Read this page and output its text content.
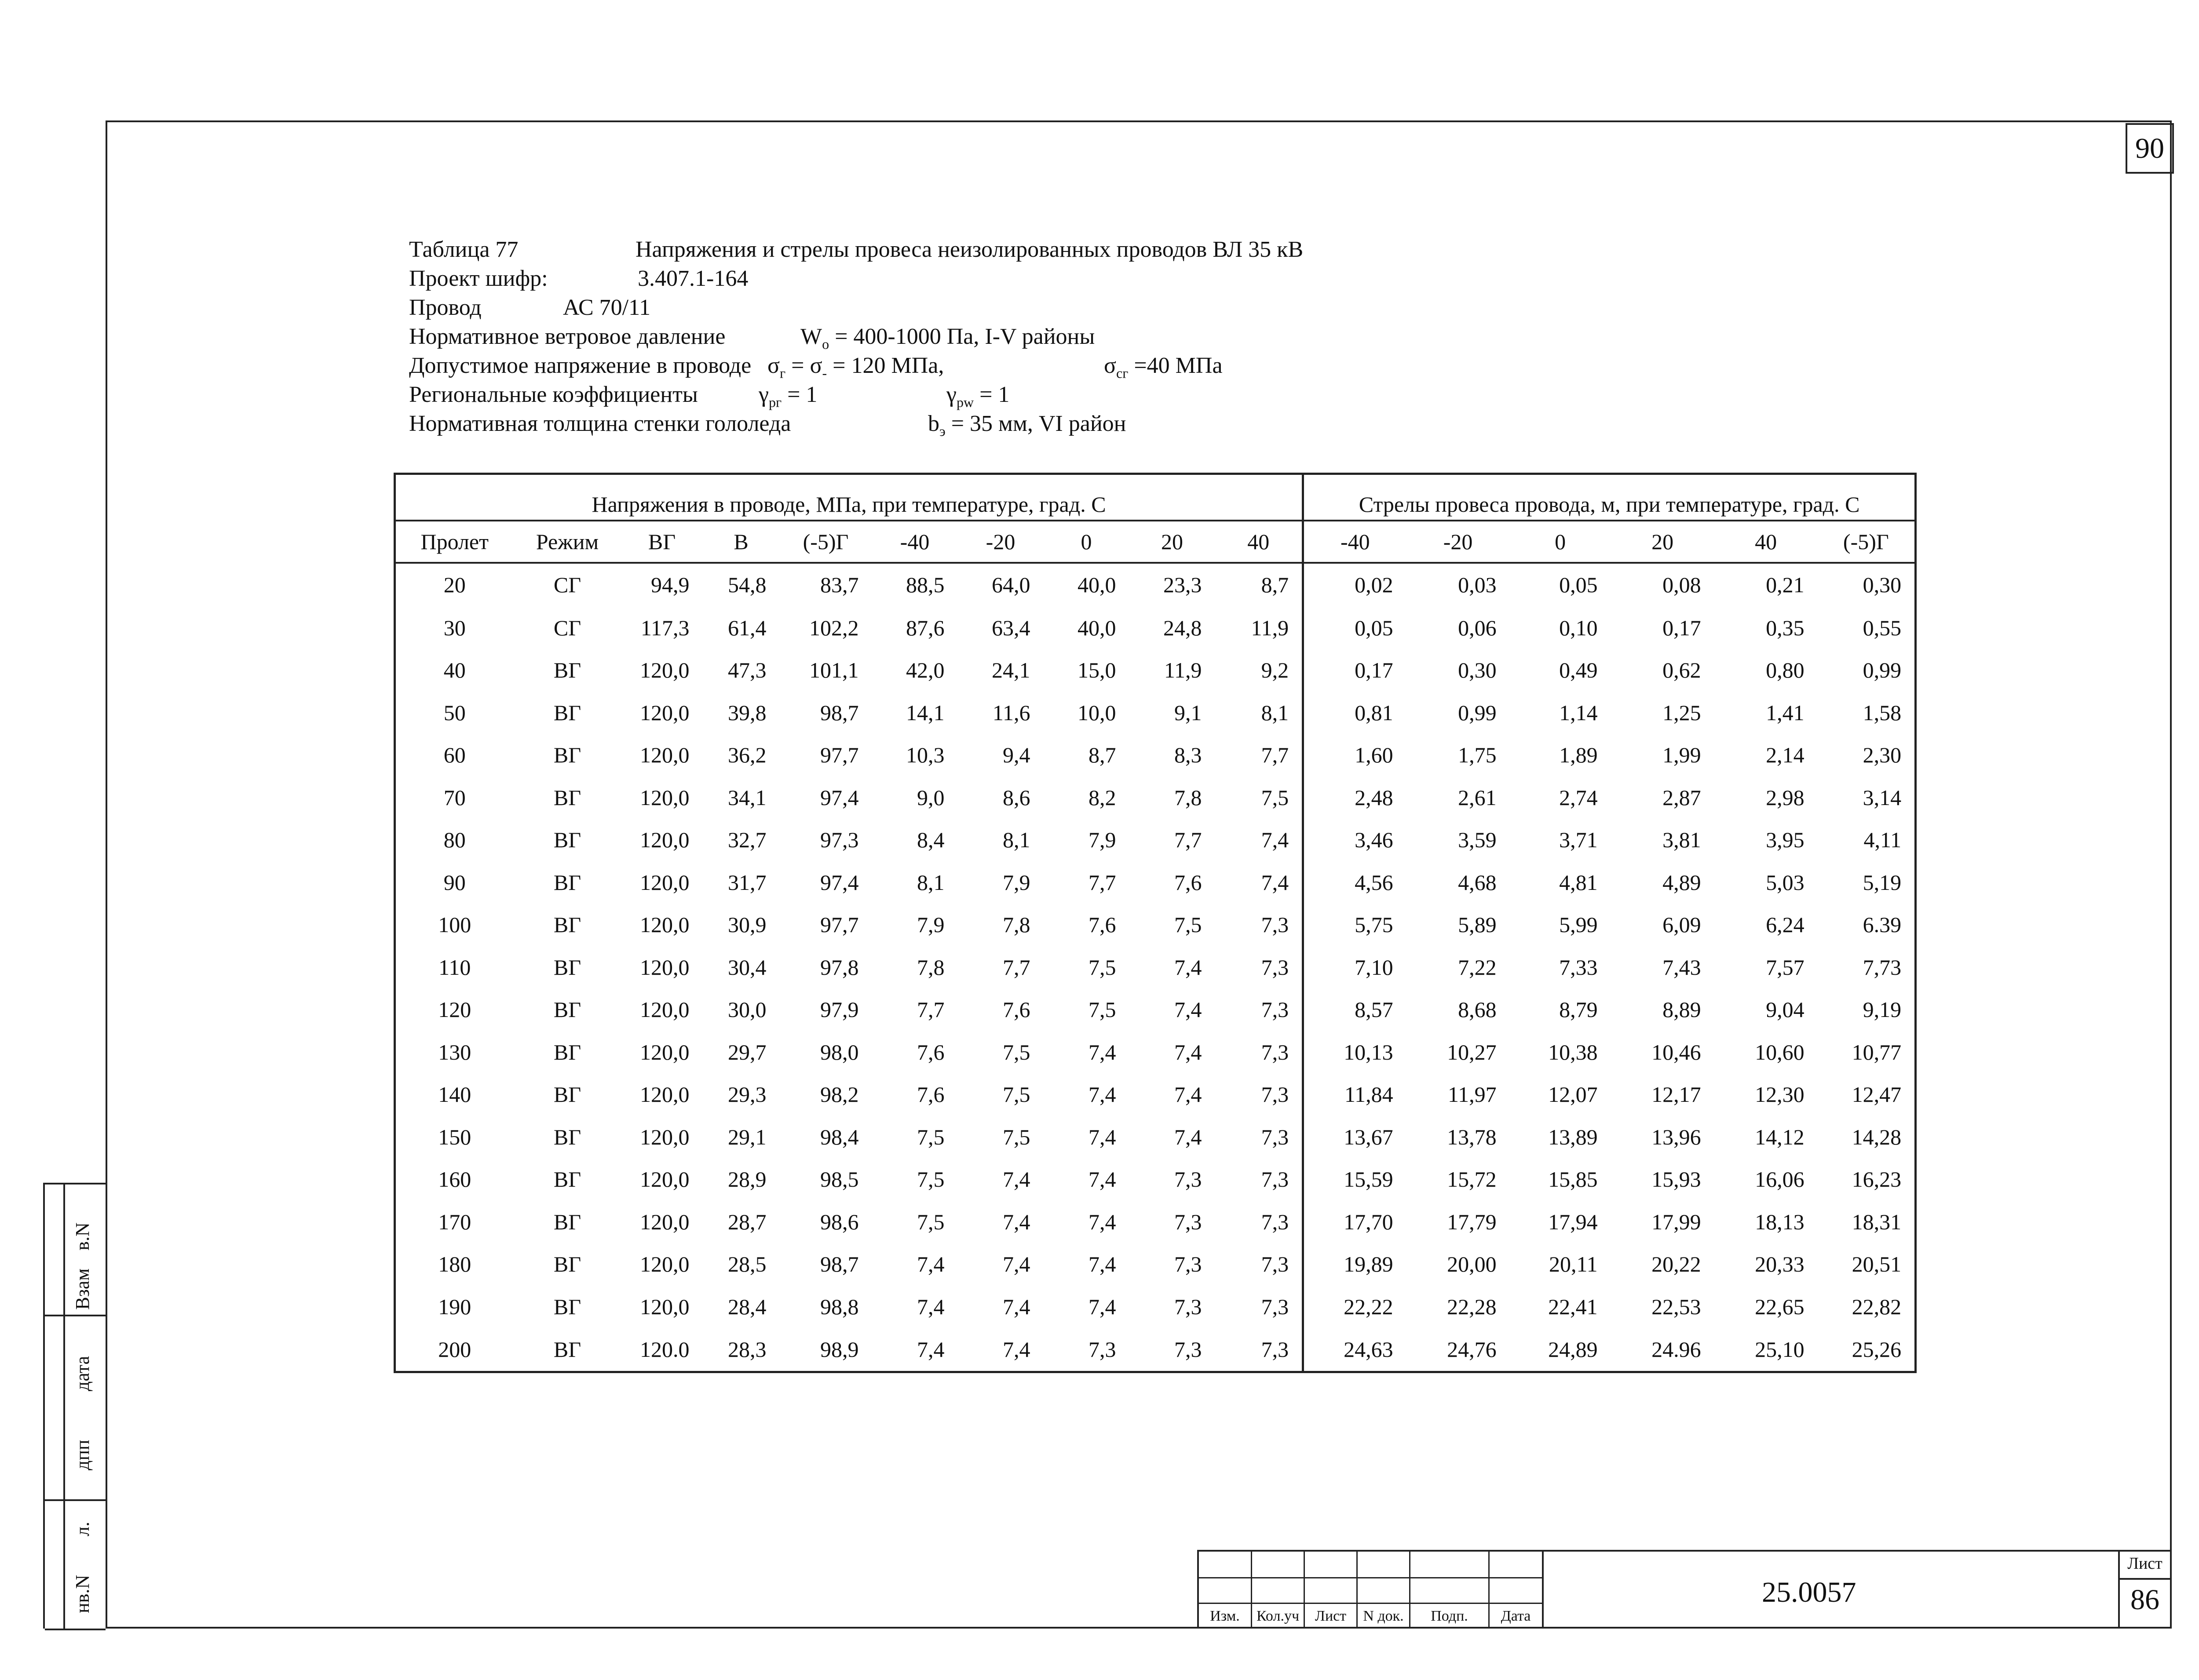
90
Таблица 77	Напряжения и стрелы провеса неизолированных проводов ВЛ 35 кВ
Проект шифр:	3.407.1-164
Провод	АС 70/11
Нормативное ветровое давление	$W_o = 400-1000$ Па, I-V районы
Допустимое напряжение в проводе $\sigma_г = \sigma_- = 120$ МПа,	$\sigma_{сг} =40$ МПа
Региональные коэффициенты	$\gamma_{рг} = 1$	$\gamma_{pw} = 1$
Нормативная толщина стенки гололеда	$b_э = 35$ мм, VI район
Напряжения в проводе, МПа, при температуре, град. С										Стрелы провеса провода, м, при температуре, град. С					
Пролет	Режим	ВГ	В	(-5)Г	-40	-20	0	20	40	-40	-20	0	20	40	(-5)Г
20	СГ	94,9	54,8	83,7	88,5	64,0	40,0	23,3	8,7	0,02	0,03	0,05	0,08	0,21	0,30
30	СГ	117,3	61,4	102,2	87,6	63,4	40,0	24,8	11,9	0,05	0,06	0,10	0,17	0,35	0,55
40	ВГ	120,0	47,3	101,1	42,0	24,1	15,0	11,9	9,2	0,17	0,30	0,49	0,62	0,80	0,99
50	ВГ	120,0	39,8	98,7	14,1	11,6	10,0	9,1	8,1	0,81	0,99	1,14	1,25	1,41	1,58
60	ВГ	120,0	36,2	97,7	10,3	9,4	8,7	8,3	7,7	1,60	1,75	1,89	1,99	2,14	2,30
70	ВГ	120,0	34,1	97,4	9,0	8,6	8,2	7,8	7,5	2,48	2,61	2,74	2,87	2,98	3,14
80	ВГ	120,0	32,7	97,3	8,4	8,1	7,9	7,7	7,4	3,46	3,59	3,71	3,81	3,95	4,11
90	ВГ	120,0	31,7	97,4	8,1	7,9	7,7	7,6	7,4	4,56	4,68	4,81	4,89	5,03	5,19
100	ВГ	120,0	30,9	97,7	7,9	7,8	7,6	7,5	7,3	5,75	5,89	5,99	6,09	6,24	6.39
110	ВГ	120,0	30,4	97,8	7,8	7,7	7,5	7,4	7,3	7,10	7,22	7,33	7,43	7,57	7,73
120	ВГ	120,0	30,0	97,9	7,7	7,6	7,5	7,4	7,3	8,57	8,68	8,79	8,89	9,04	9,19
130	ВГ	120,0	29,7	98,0	7,6	7,5	7,4	7,4	7,3	10,13	10,27	10,38	10,46	10,60	10,77
140	ВГ	120,0	29,3	98,2	7,6	7,5	7,4	7,4	7,3	11,84	11,97	12,07	12,17	12,30	12,47
150	ВГ	120,0	29,1	98,4	7,5	7,5	7,4	7,4	7,3	13,67	13,78	13,89	13,96	14,12	14,28
160	ВГ	120,0	28,9	98,5	7,5	7,4	7,4	7,3	7,3	15,59	15,72	15,85	15,93	16,06	16,23
170	ВГ	120,0	28,7	98,6	7,5	7,4	7,4	7,3	7,3	17,70	17,79	17,94	17,99	18,13	18,31
180	ВГ	120,0	28,5	98,7	7,4	7,4	7,4	7,3	7,3	19,89	20,00	20,11	20,22	20,33	20,51
190	ВГ	120,0	28,4	98,8	7,4	7,4	7,4	7,3	7,3	22,22	22,28	22,41	22,53	22,65	22,82
200	ВГ	120.0	28,3	98,9	7,4	7,4	7,3	7,3	7,3	24,63	24,76	24,89	24.96	25,10	25,26
в.N
Взам
дата
дпп
л.
нв.N
Изм.	Кол.уч	Лист	N док.	Подп.	Дата
25.0057
Лист
86
